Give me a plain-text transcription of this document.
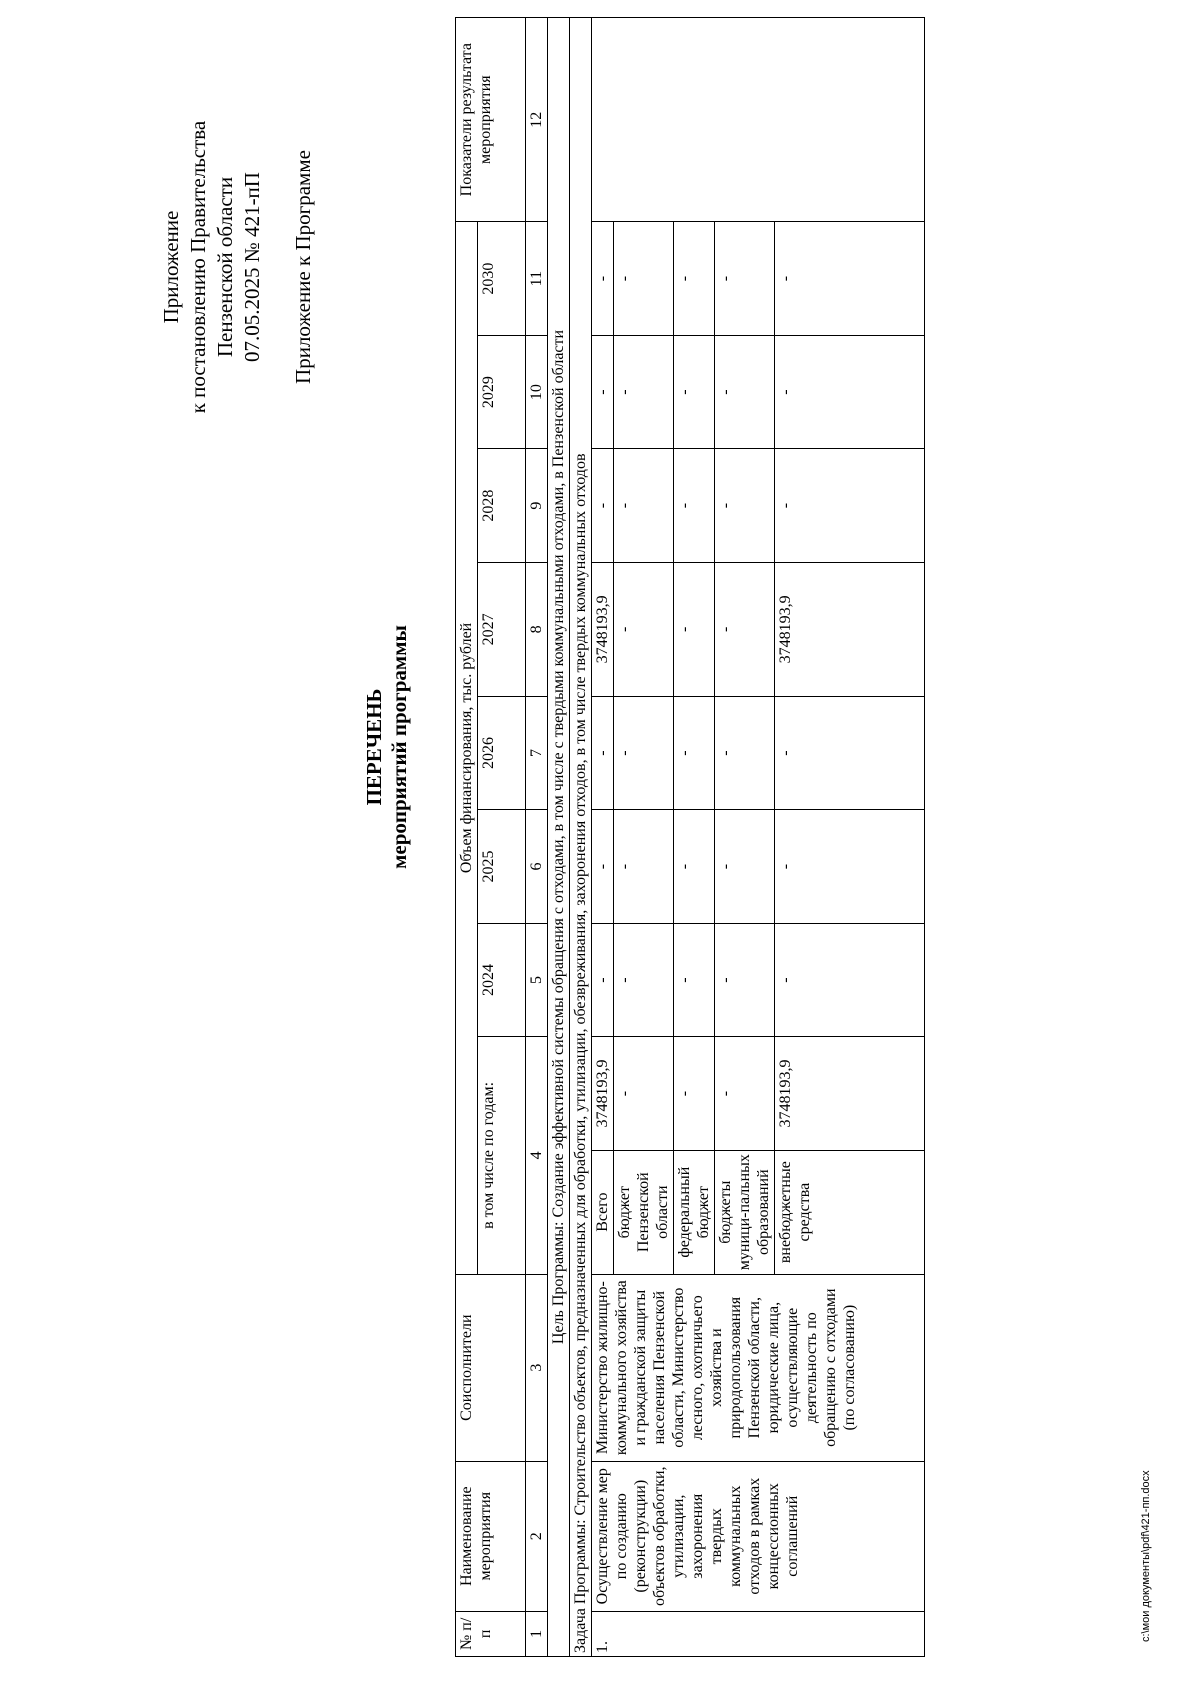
Приложение к постановлению Правительства Пензенской области 07.05.2025 № 421-пП Приложение к Программе
ПЕРЕЧЕНЬ мероприятий программы
№ п/п	Наименование мероприятия	Соисполнители	Объем финансирования, тыс. рублей									Показатели результата мероприятия
			в том числе по годам:		2024	2025	2026	2027	2028	2029	2030	
1	2	3	4		5	6	7	8	9	10	11	12
Цель Программы: Создание эффективной системы обращения с отходами, в том числе с твердыми коммунальными отходами, в Пензенской области												
Задача Программы: Строительство объектов, предназначенных для обработки, утилизации, обезвреживания, захоронения отходов, в том числе твердых коммунальных отходов												
1.	Осуществление мер по созданию (реконструкции) объектов обработки, утилизации, захоронения твердых коммунальных отходов в рамках концессионных соглашений	Министерство жилищно-коммунального хозяйства и гражданской защиты населения Пензенской области, Министерство лесного, охотничьего хозяйства и природопользования Пензенской области, юридические лица, осуществляющие деятельность по обращению с отходами (по согласованию)	Всего	3748193,9	-	-	-	3748193,9	-	-	-	
			бюджет Пензенской области	-	-	-	-	-	-	-	-	
			федеральный бюджет	-	-	-	-	-	-	-	-	
			бюджеты муници-пальных образований	-	-	-	-	-	-	-	-	
			внебюджетные средства	3748193,9	-	-	-	3748193,9	-	-	-	
c:\мои документы\pdf\421-пп.docx
